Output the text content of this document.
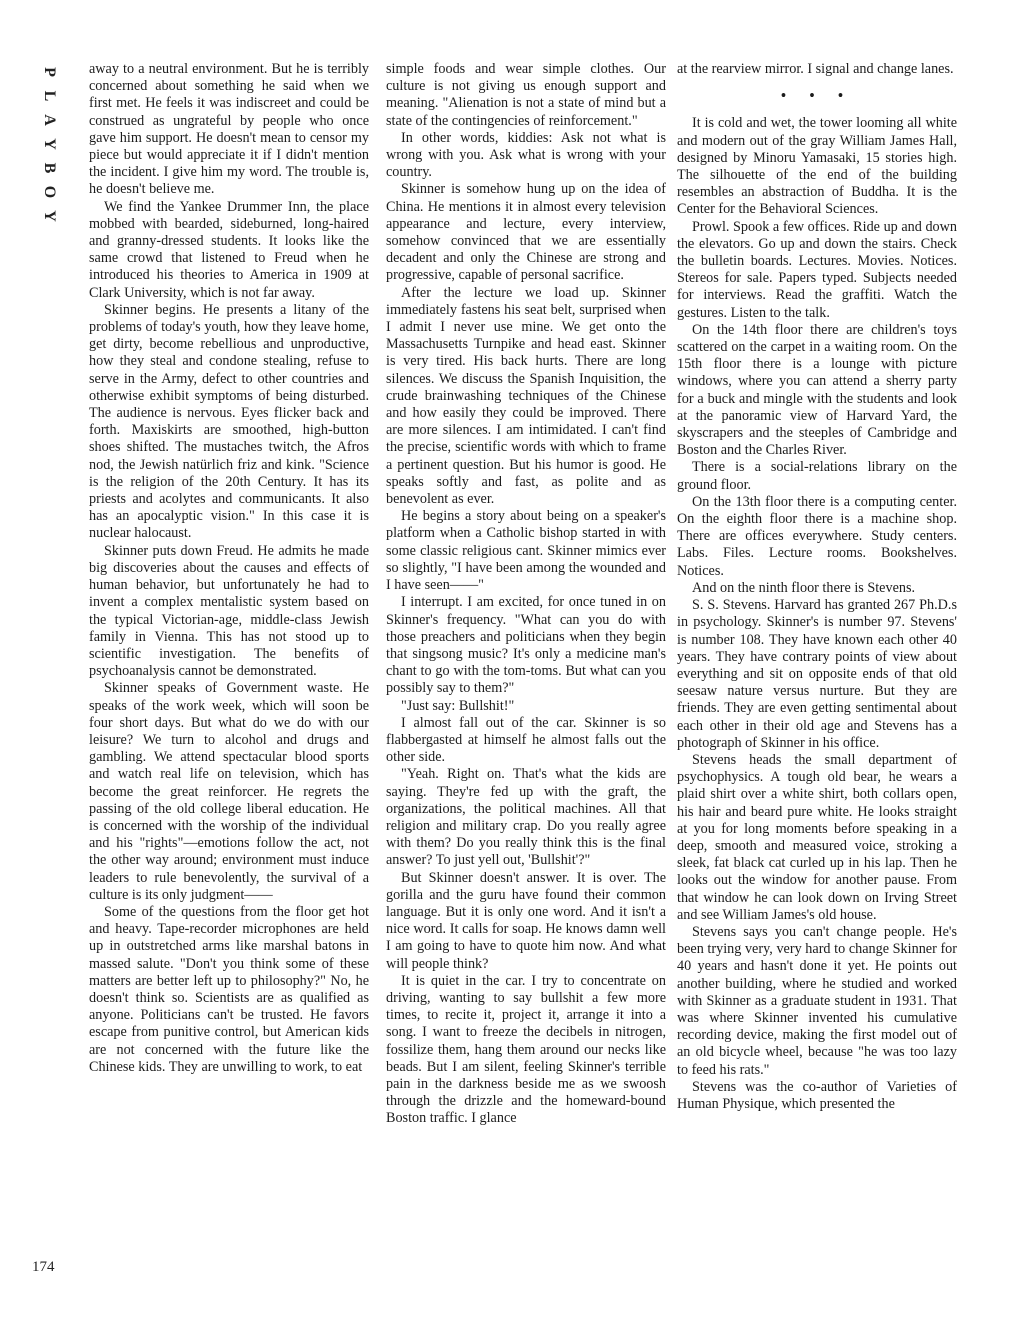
P
L
A
Y
B
O
Y
174

away to a neutral environment. But he is terribly concerned about something he said when we first met. He feels it was indiscreet and could be construed as ungrateful by people who once gave him support. He doesn't mean to censor my piece but would appreciate it if I didn't mention the incident. I give him my word. The trouble is, he doesn't believe me.

We find the Yankee Drummer Inn, the place mobbed with bearded, sideburned, long-haired and granny-dressed students. It looks like the same crowd that listened to Freud when he introduced his theories to America in 1909 at Clark University, which is not far away.

Skinner begins. He presents a litany of the problems of today's youth, how they leave home, get dirty, become rebellious and unproductive, how they steal and condone stealing, refuse to serve in the Army, defect to other countries and otherwise exhibit symptoms of being disturbed. The audience is nervous. Eyes flicker back and forth. Maxiskirts are smoothed, high-button shoes shifted. The mustaches twitch, the Afros nod, the Jewish natürlich friz and kink. "Science is the religion of the 20th Century. It has its priests and acolytes and communicants. It also has an apocalyptic vision." In this case it is nuclear halocaust.

Skinner puts down Freud. He admits he made big discoveries about the causes and effects of human behavior, but unfortunately he had to invent a complex mentalistic system based on the typical Victorian-age, middle-class Jewish family in Vienna. This has not stood up to scientific investigation. The benefits of psychoanalysis cannot be demonstrated.

Skinner speaks of Government waste. He speaks of the work week, which will soon be four short days. But what do we do with our leisure? We turn to alcohol and drugs and gambling. We attend spectacular blood sports and watch real life on television, which has become the great reinforcer. He regrets the passing of the old college liberal education. He is concerned with the worship of the individual and his "rights"—emotions follow the act, not the other way around; environment must induce leaders to rule benevolently, the survival of a culture is its only judgment——

Some of the questions from the floor get hot and heavy. Tape-recorder microphones are held up in outstretched arms like marshal batons in massed salute. "Don't you think some of these matters are better left up to philosophy?" No, he doesn't think so. Scientists are as qualified as anyone. Politicians can't be trusted. He favors escape from punitive control, but American kids are not concerned with the future like the Chinese kids. They are unwilling to work, to eat

simple foods and wear simple clothes. Our culture is not giving us enough support and meaning. "Alienation is not a state of mind but a state of the contingencies of reinforcement."

In other words, kiddies: Ask not what is wrong with you. Ask what is wrong with your country.

Skinner is somehow hung up on the idea of China. He mentions it in almost every television appearance and lecture, every interview, somehow convinced that we are essentially decadent and only the Chinese are strong and progressive, capable of personal sacrifice.

After the lecture we load up. Skinner immediately fastens his seat belt, surprised when I admit I never use mine. We get onto the Massachusetts Turnpike and head east. Skinner is very tired. His back hurts. There are long silences. We discuss the Spanish Inquisition, the crude brainwashing techniques of the Chinese and how easily they could be improved. There are more silences. I am intimidated. I can't find the precise, scientific words with which to frame a pertinent question. But his humor is good. He speaks softly and fast, as polite and as benevolent as ever.

He begins a story about being on a speaker's platform when a Catholic bishop started in with some classic religious cant. Skinner mimics ever so slightly, "I have been among the wounded and I have seen——"

I interrupt. I am excited, for once tuned in on Skinner's frequency. "What can you do with those preachers and politicians when they begin that singsong music? It's only a medicine man's chant to go with the tom-toms. But what can you possibly say to them?"

"Just say: Bullshit!"

I almost fall out of the car. Skinner is so flabbergasted at himself he almost falls out the other side.

"Yeah. Right on. That's what the kids are saying. They're fed up with the graft, the organizations, the political machines. All that religion and military crap. Do you really agree with them? Do you really think this is the final answer? To just yell out, 'Bullshit'?"

But Skinner doesn't answer. It is over. The gorilla and the guru have found their common language. But it is only one word. And it isn't a nice word. It calls for soap. He knows damn well I am going to have to quote him now. And what will people think?

It is quiet in the car. I try to concentrate on driving, wanting to say bullshit a few more times, to recite it, project it, arrange it into a song. I want to freeze the decibels in nitrogen, fossilize them, hang them around our necks like beads. But I am silent, feeling Skinner's terrible pain in the darkness beside me as we swoosh through the drizzle and the homeward-bound Boston traffic. I glance

at the rearview mirror. I signal and change lanes.

• • •

It is cold and wet, the tower looming all white and modern out of the gray William James Hall, designed by Minoru Yamasaki, 15 stories high. The silhouette of the end of the building resembles an abstraction of Buddha. It is the Center for the Behavioral Sciences.

Prowl. Spook a few offices. Ride up and down the elevators. Go up and down the stairs. Check the bulletin boards. Lectures. Movies. Notices. Stereos for sale. Papers typed. Subjects needed for interviews. Read the graffiti. Watch the gestures. Listen to the talk.

On the 14th floor there are children's toys scattered on the carpet in a waiting room. On the 15th floor there is a lounge with picture windows, where you can attend a sherry party for a buck and mingle with the students and look at the panoramic view of Harvard Yard, the skyscrapers and the steeples of Cambridge and Boston and the Charles River.

There is a social-relations library on the ground floor.

On the 13th floor there is a computing center. On the eighth floor there is a machine shop. There are offices everywhere. Study centers. Labs. Files. Lecture rooms. Bookshelves. Notices.

And on the ninth floor there is Stevens.

S. S. Stevens. Harvard has granted 267 Ph.D.s in psychology. Skinner's is number 97. Stevens' is number 108. They have known each other 40 years. They have contrary points of view about everything and sit on opposite ends of that old seesaw nature versus nurture. But they are friends. They are even getting sentimental about each other in their old age and Stevens has a photograph of Skinner in his office.

Stevens heads the small department of psychophysics. A tough old bear, he wears a plaid shirt over a white shirt, both collars open, his hair and beard pure white. He looks straight at you for long moments before speaking in a deep, smooth and measured voice, stroking a sleek, fat black cat curled up in his lap. Then he looks out the window for another pause. From that window he can look down on Irving Street and see William James's old house.

Stevens says you can't change people. He's been trying very, very hard to change Skinner for 40 years and hasn't done it yet. He points out another building, where he studied and worked with Skinner as a graduate student in 1931. That was where Skinner invented his cumulative recording device, making the first model out of an old bicycle wheel, because "he was too lazy to feed his rats."

Stevens was the co-author of Varieties of Human Physique, which presented the
